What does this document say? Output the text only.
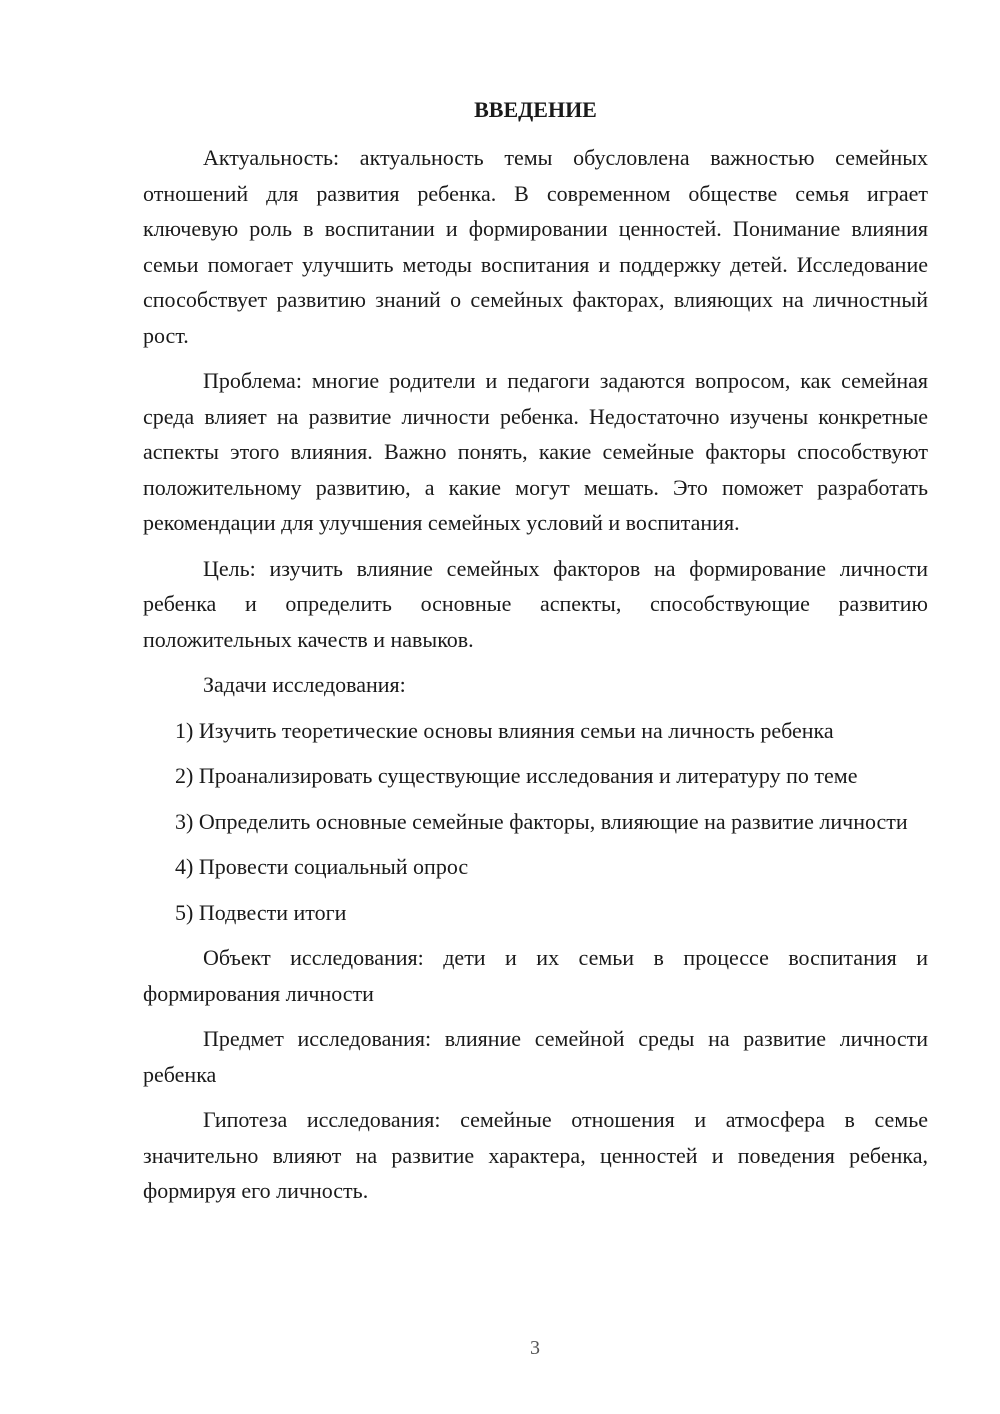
ВВЕДЕНИЕ

Актуальность: актуальность темы обусловлена важностью семейных отношений для развития ребенка. В современном обществе семья играет ключевую роль в воспитании и формировании ценностей. Понимание влияния семьи помогает улучшить методы воспитания и поддержку детей. Исследование способствует развитию знаний о семейных факторах, влияющих на личностный рост.

Проблема: многие родители и педагоги задаются вопросом, как семейная среда влияет на развитие личности ребенка. Недостаточно изучены конкретные аспекты этого влияния. Важно понять, какие семейные факторы способствуют положительному развитию, а какие могут мешать. Это поможет разработать рекомендации для улучшения семейных условий и воспитания.

Цель: изучить влияние семейных факторов на формирование личности ребенка и определить основные аспекты, способствующие развитию положительных качеств и навыков.

Задачи исследования:

1) Изучить теоретические основы влияния семьи на личность ребенка

2) Проанализировать существующие исследования и литературу по теме

3) Определить основные семейные факторы, влияющие на развитие личности

4) Провести социальный опрос

5) Подвести итоги

Объект исследования: дети и их семьи в процессе воспитания и формирования личности

Предмет исследования: влияние семейной среды на развитие личности ребенка

Гипотеза исследования: семейные отношения и атмосфера в семье значительно влияют на развитие характера, ценностей и поведения ребенка, формируя его личность.

3
